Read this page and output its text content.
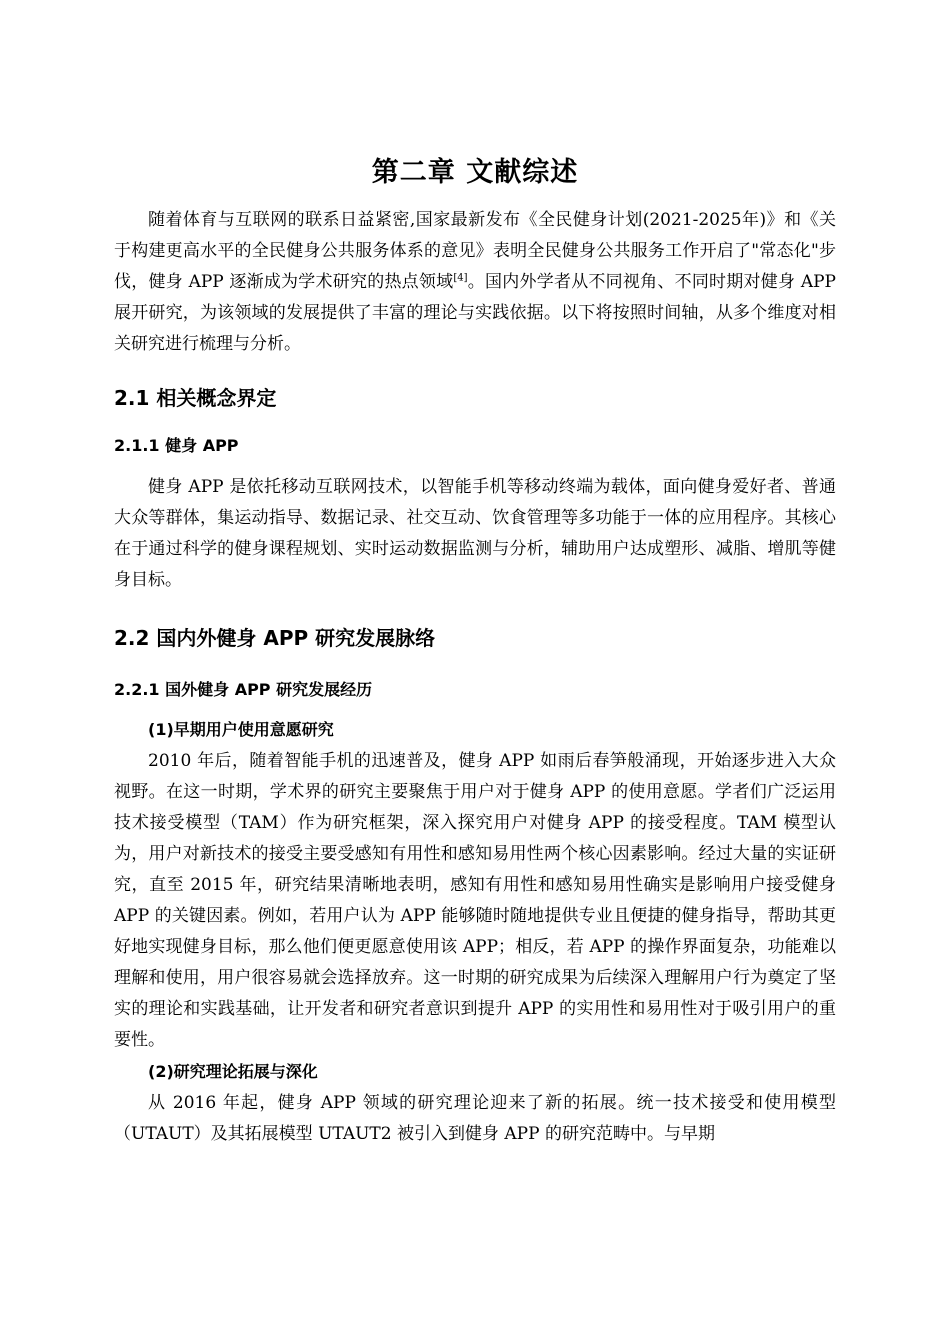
第二章 文献综述

随着体育与互联网的联系日益紧密,国家最新发布《全民健身计划(2021-2025年)》和《关于构建更高水平的全民健身公共服务体系的意见》表明全民健身公共服务工作开启了"常态化"步伐，健身 APP 逐渐成为学术研究的热点领域[4]。国内外学者从不同视角、不同时期对健身 APP 展开研究，为该领域的发展提供了丰富的理论与实践依据。以下将按照时间轴，从多个维度对相关研究进行梳理与分析。

2.1 相关概念界定
2.1.1 健身 APP

健身 APP 是依托移动互联网技术，以智能手机等移动终端为载体，面向健身爱好者、普通大众等群体，集运动指导、数据记录、社交互动、饮食管理等多功能于一体的应用程序。其核心在于通过科学的健身课程规划、实时运动数据监测与分析，辅助用户达成塑形、减脂、增肌等健身目标。

2.2 国内外健身 APP 研究发展脉络
2.2.1 国外健身 APP 研究发展经历
(1)早期用户使用意愿研究

2010 年后，随着智能手机的迅速普及，健身 APP 如雨后春笋般涌现，开始逐步进入大众视野。在这一时期，学术界的研究主要聚焦于用户对于健身 APP 的使用意愿。学者们广泛运用技术接受模型（TAM）作为研究框架，深入探究用户对健身 APP 的接受程度。TAM 模型认为，用户对新技术的接受主要受感知有用性和感知易用性两个核心因素影响。经过大量的实证研究，直至 2015 年，研究结果清晰地表明，感知有用性和感知易用性确实是影响用户接受健身 APP 的关键因素。例如，若用户认为 APP 能够随时随地提供专业且便捷的健身指导，帮助其更好地实现健身目标，那么他们便更愿意使用该 APP；相反，若 APP 的操作界面复杂，功能难以理解和使用，用户很容易就会选择放弃。这一时期的研究成果为后续深入理解用户行为奠定了坚实的理论和实践基础，让开发者和研究者意识到提升 APP 的实用性和易用性对于吸引用户的重要性。

(2)研究理论拓展与深化

从 2016 年起，健身 APP 领域的研究理论迎来了新的拓展。统一技术接受和使用模型（UTAUT）及其拓展模型 UTAUT2 被引入到健身 APP 的研究范畴中。与早期
